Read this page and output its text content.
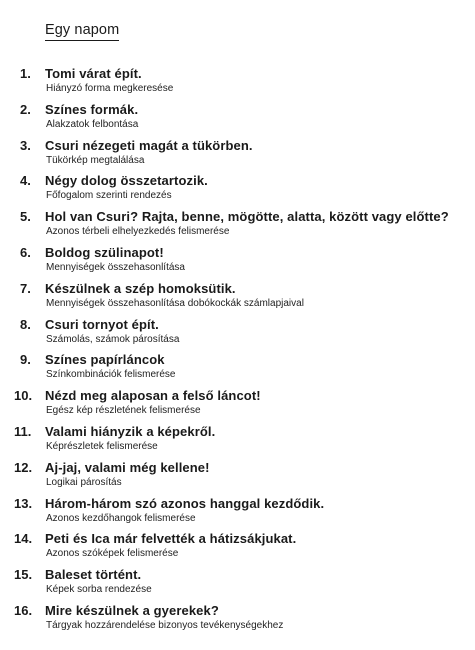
Egy napom
1.	Tomi várat épít.
Hiányzó forma megkeresése
2.	Színes formák.
Alakzatok felbontása
3.	Csuri nézegeti magát a tükörben.
Tükörkép megtalálása
4.	Négy dolog összetartozik.
Főfogalom szerinti rendezés
5.	Hol van Csuri? Rajta, benne, mögötte, alatta, között vagy előtte?
Azonos térbeli elhelyezkedés felismerése
6.	Boldog szülinapot!
Mennyiségek összehasonlítása
7.	Készülnek a szép homoksütik.
Mennyiségek összehasonlítása dobókockák számlapjaival
8.	Csuri tornyot épít.
Számolás, számok párosítása
9.	Színes papírláncok
Színkombinációk felismerése
10. Nézd meg alaposan a felső láncot!
Egész kép részletének felismerése
11. Valami hiányzik a képekről.
Képrészletek felismerése
12. Aj-jaj, valami még kellene!
Logikai párosítás
13. Három-három szó azonos hanggal kezdődik.
Azonos kezdőhangok felismerése
14. Peti és Ica már felvették a hátizsákjukat.
Azonos szóképek felismerése
15. Baleset történt.
Képek sorba rendezése
16. Mire készülnek a gyerekek?
Tárgyak hozzárendelése bizonyos tevékenységekhez
